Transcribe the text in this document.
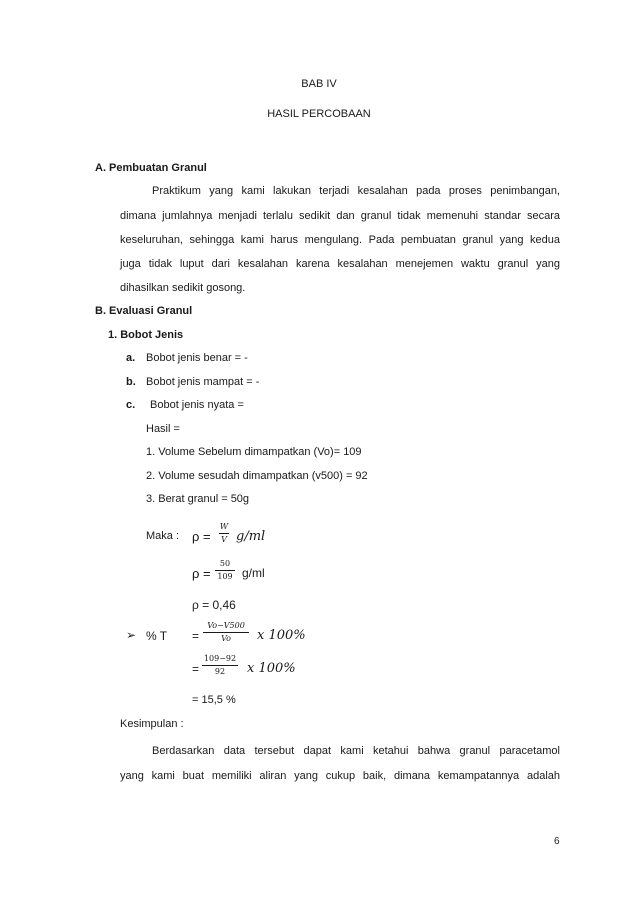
BAB IV
HASIL PERCOBAAN
A. Pembuatan Granul
Praktikum yang kami lakukan terjadi kesalahan pada proses penimbangan,
dimana jumlahnya menjadi terlalu sedikit dan granul tidak memenuhi standar secara
keseluruhan, sehingga kami harus mengulang. Pada pembuatan granul yang kedua
juga tidak luput dari kesalahan karena kesalahan menejemen waktu granul yang
dihasilkan sedikit gosong.
B. Evaluasi Granul
1. Bobot Jenis
a. Bobot jenis benar = -
b. Bobot jenis mampat = -
c. Bobot jenis nyata =
Hasil =
1. Volume Sebelum dimampatkan (Vo)= 109
2. Volume sesudah dimampatkan (v500) = 92
3. Berat granul = 50g
Maka : ρ =
W
V g/ml
ρ =
50
109 g/ml
ρ = 0,46
➢ % T =
Vo−V500
Vo	x 100%
=
109−92
92	x 100%
= 15,5 %
Kesimpulan :
Berdasarkan data tersebut dapat kami ketahui bahwa granul paracetamol
yang kami buat memiliki aliran yang cukup baik, dimana kemampatannya adalah
6
